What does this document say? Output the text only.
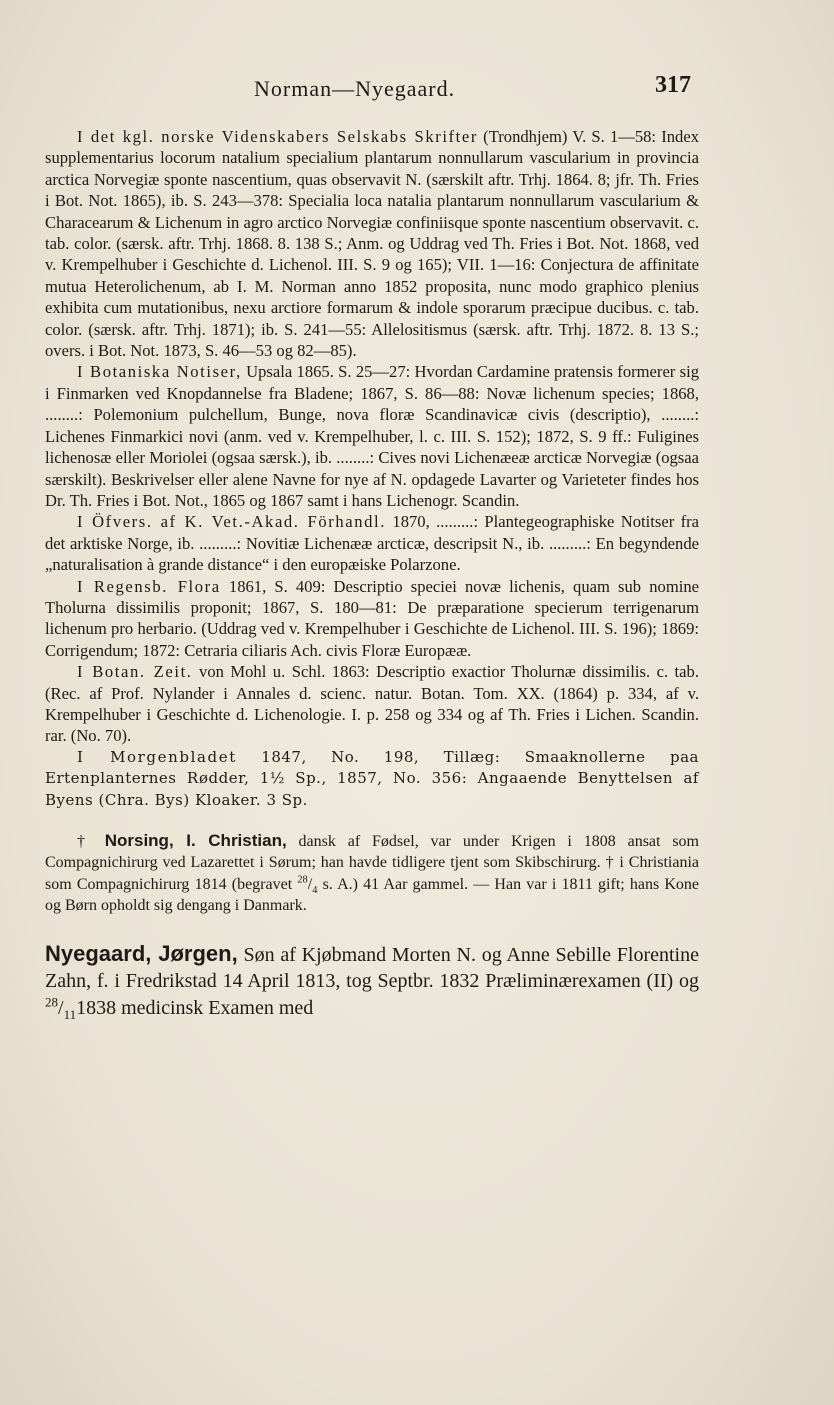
Norman—Nyegaard.	317

I det kgl. norske Videnskabers Selskabs Skrifter (Trondhjem) V. S. 1—58: Index supplementarius locorum natalium specialium plantarum nonnullarum vascularium in provincia arctica Norvegiæ sponte nascentium, quas observavit N. (særskilt aftr. Trhj. 1864. 8; jfr. Th. Fries i Bot. Not. 1865), ib. S. 243—378: Specialia loca natalia plantarum nonnullarum vascularium & Characearum & Lichenum in agro arctico Norvegiæ confiniisque sponte nascentium observavit. c. tab. color. (særsk. aftr. Trhj. 1868. 8. 138 S.; Anm. og Uddrag ved Th. Fries i Bot. Not. 1868, ved v. Krempelhuber i Geschichte d. Lichenol. III. S. 9 og 165); VII. 1—16: Conjectura de affinitate mutua Heterolichenum, ab I. M. Norman anno 1852 proposita, nunc modo graphico plenius exhibita cum mutationibus, nexu arctiore formarum & indole sporarum præcipue ducibus. c. tab. color. (særsk. aftr. Trhj. 1871); ib. S. 241—55: Allelositismus (særsk. aftr. Trhj. 1872. 8. 13 S.; overs. i Bot. Not. 1873, S. 46—53 og 82—85).

I Botaniska Notiser, Upsala 1865. S. 25—27: Hvordan Cardamine pratensis formerer sig i Finmarken ved Knopdannelse fra Bladene; 1867, S. 86—88: Novæ lichenum species; 1868, ........: Polemonium pulchellum, Bunge, nova floræ Scandinavicæ civis (descriptio), ........: Lichenes Finmarkici novi (anm. ved v. Krempelhuber, l. c. III. S. 152); 1872, S. 9 ff.: Fuligines lichenosæ eller Moriolei (ogsaa særsk.), ib. ........: Cives novi Lichenæeæ arcticæ Norvegiæ (ogsaa særskilt). Beskrivelser eller alene Navne for nye af N. opdagede Lavarter og Varieteter findes hos Dr. Th. Fries i Bot. Not., 1865 og 1867 samt i hans Lichenogr. Scandin.

I Öfvers. af K. Vet.-Akad. Förhandl. 1870, .........: Plantegeographiske Notitser fra det arktiske Norge, ib. .........: Novitiæ Lichenææ arcticæ, descripsit N., ib. .........: En begyndende „naturalisation à grande distance“ i den europæiske Polarzone.

I Regensb. Flora 1861, S. 409: Descriptio speciei novæ lichenis, quam sub nomine Tholurna dissimilis proponit; 1867, S. 180—81: De præparatione specierum terrigenarum lichenum pro herbario. (Uddrag ved v. Krempelhuber i Geschichte de Lichenol. III. S. 196); 1869: Corrigendum; 1872: Cetraria ciliaris Ach. civis Floræ Europææ.

I Botan. Zeit. von Mohl u. Schl. 1863: Descriptio exactior Tholurnæ dissimilis. c. tab. (Rec. af Prof. Nylander i Annales d. scienc. natur. Botan. Tom. XX. (1864) p. 334, af v. Krempelhuber i Geschichte d. Lichenologie. I. p. 258 og 334 og af Th. Fries i Lichen. Scandin. rar. (No. 70).

I Morgenbladet 1847, No. 198, Tillæg: Smaaknollerne paa Ertenplanternes Rødder, 1½ Sp., 1857, No. 356: Angaaende Benyttelsen af Byens (Chra. Bys) Kloaker. 3 Sp.

† Norsing, I. Christian, dansk af Fødsel, var under Krigen i 1808 ansat som Compagnichirurg ved Lazarettet i Sørum; han havde tidligere tjent som Skibschirurg. † i Christiania som Compagnichirurg 1814 (begravet $^{28}/_4$ s. A.) 41 Aar gammel. — Han var i 1811 gift; hans Kone og Børn opholdt sig dengang i Danmark.

Nyegaard, Jørgen, Søn af Kjøbmand Morten N. og Anne Sebille Florentine Zahn, f. i Fredrikstad 14 April 1813, tog Septbr. 1832 Præliminærexamen (II) og $^{28}/_{11}1838$ medicinsk Examen med
